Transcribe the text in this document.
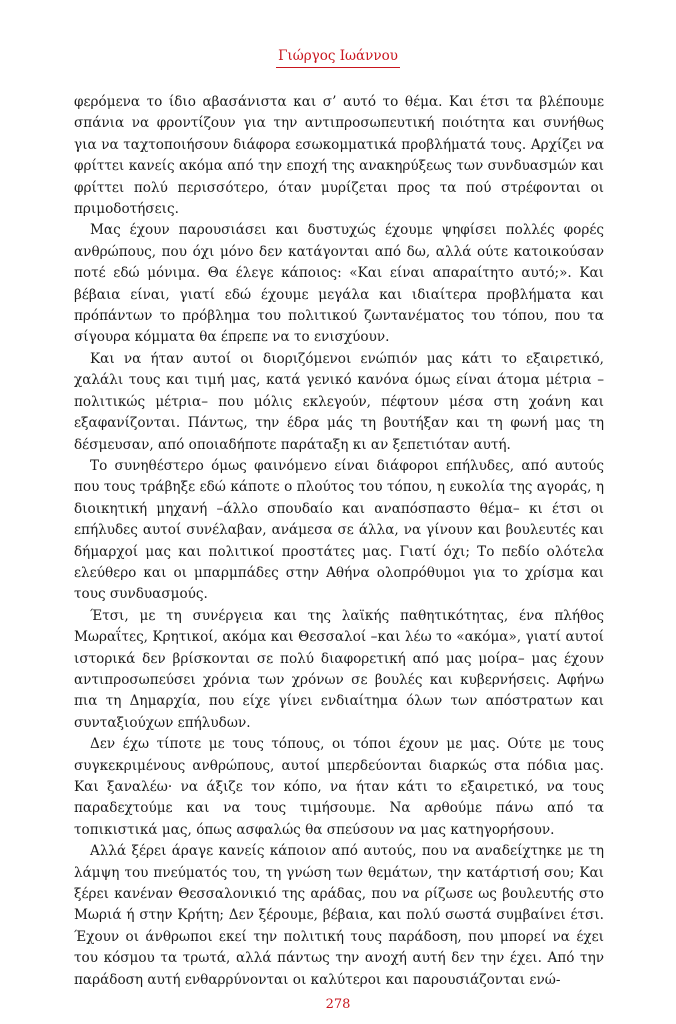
Γιώργος Ιωάννου

φερόμενα το ίδιο αβασάνιστα και σ’ αυτό το θέμα. Και έτσι τα βλέπουμε σπάνια να φροντίζουν για την αντιπροσωπευτική ποιότητα και συνήθως για να ταχτοποιήσουν διάφορα εσωκομματικά προβλήματά τους. Αρχίζει να φρίττει κανείς ακόμα από την εποχή της ανακηρύξεως των συνδυασμών και φρίττει πολύ περισσότερο, όταν μυρίζεται προς τα πού στρέφονται οι πριμοδοτήσεις.

Μας έχουν παρουσιάσει και δυστυχώς έχουμε ψηφίσει πολλές φορές ανθρώπους, που όχι μόνο δεν κατάγονται από δω, αλλά ούτε κατοικούσαν ποτέ εδώ μόνιμα. Θα έλεγε κάποιος: «Και είναι απαραίτητο αυτό;». Και βέβαια είναι, γιατί εδώ έχουμε μεγάλα και ιδιαίτερα προβλήματα και πρόπάντων το πρόβλημα του πολιτικού ζωντανέματος του τόπου, που τα σίγουρα κόμματα θα έπρεπε να το ενισχύουν.

Και να ήταν αυτοί οι διοριζόμενοι ενώπιόν μας κάτι το εξαιρετικό, χαλάλι τους και τιμή μας, κατά γενικό κανόνα όμως είναι άτομα μέτρια –πολιτικώς μέτρια– που μόλις εκλεγούν, πέφτουν μέσα στη χοάνη και εξαφανίζονται. Πάντως, την έδρα μάς τη βουτήξαν και τη φωνή μας τη δέσμευσαν, από οποιαδήποτε παράταξη κι αν ξεπετιόταν αυτή.

Το συνηθέστερο όμως φαινόμενο είναι διάφοροι επήλυδες, από αυτούς που τους τράβηξε εδώ κάποτε ο πλούτος του τόπου, η ευκολία της αγοράς, η διοικητική μηχανή –άλλο σπουδαίο και αναπόσπαστο θέμα– κι έτσι οι επήλυδες αυτοί συνέλαβαν, ανάμεσα σε άλλα, να γίνουν και βουλευτές και δήμαρχοί μας και πολιτικοί προστάτες μας. Γιατί όχι; Το πεδίο ολότελα ελεύθερο και οι μπαρμπάδες στην Αθήνα ολοπρόθυμοι για το χρίσμα και τους συνδυασμούς.

Έτσι, με τη συνέργεια και της λαϊκής παθητικότητας, ένα πλήθος Μωραΐτες, Κρητικοί, ακόμα και Θεσσαλοί –και λέω το «ακόμα», γιατί αυτοί ιστορικά δεν βρίσκονται σε πολύ διαφορετική από μας μοίρα– μας έχουν αντιπροσωπεύσει χρόνια των χρόνων σε βουλές και κυβερνήσεις. Αφήνω πια τη Δημαρχία, που είχε γίνει ενδιαίτημα όλων των απόστρατων και συνταξιούχων επήλυδων.

Δεν έχω τίποτε με τους τόπους, οι τόποι έχουν με μας. Ούτε με τους συγκεκριμένους ανθρώπους, αυτοί μπερδεύονται διαρκώς στα πόδια μας. Και ξαναλέω· να άξιζε τον κόπο, να ήταν κάτι το εξαιρετικό, να τους παραδεχτούμε και να τους τιμήσουμε. Να αρθούμε πάνω από τα τοπικιστικά μας, όπως ασφαλώς θα σπεύσουν να μας κατηγορήσουν.

Αλλά ξέρει άραγε κανείς κάποιον από αυτούς, που να αναδείχτηκε με τη λάμψη του πνεύματός του, τη γνώση των θεμάτων, την κατάρτισή σου; Και ξέρει κανέναν Θεσσαλονικιό της αράδας, που να ρίζωσε ως βουλευτής στο Μωριά ή στην Κρήτη; Δεν ξέρουμε, βέβαια, και πολύ σωστά συμβαίνει έτσι. Έχουν οι άνθρωποι εκεί την πολιτική τους παράδοση, που μπορεί να έχει του κόσμου τα τρωτά, αλλά πάντως την ανοχή αυτή δεν την έχει. Από την παράδοση αυτή ενθαρρύνονται οι καλύτεροι και παρουσιάζονται ενώ-

278
